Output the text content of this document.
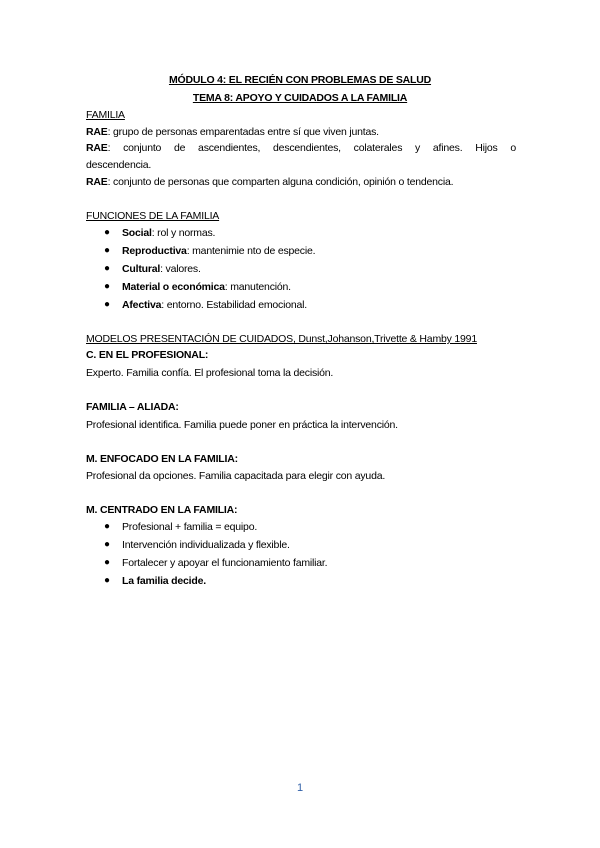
MÓDULO 4: EL RECIÉN CON PROBLEMAS DE SALUD
TEMA 8: APOYO Y CUIDADOS A LA FAMILIA
FAMILIA
RAE: grupo de personas emparentadas entre sí que viven juntas.
RAE: conjunto de ascendientes, descendientes, colaterales y afines. Hijos o
descendencia.
RAE: conjunto de personas que comparten alguna condición, opinión o tendencia.
FUNCIONES DE LA FAMILIA
● Social: rol y normas.
● Reproductiva: mantenimie nto de especie.
● Cultural: valores.
● Material o económica: manutención.
● Afectiva: entorno. Estabilidad emocional.
MODELOS PRESENTACIÓN DE CUIDADOS, Dunst,Johanson,Trivette & Hamby 1991
C. EN EL PROFESIONAL:
Experto. Familia confía. El profesional toma la decisión.
FAMILIA – ALIADA:
Profesional identifica. Familia puede poner en práctica la intervención.
M. ENFOCADO EN LA FAMILIA:
Profesional da opciones. Familia capacitada para elegir con ayuda.
M. CENTRADO EN LA FAMILIA:
● Profesional + familia = equipo.
● Intervención individualizada y flexible.
● Fortalecer y apoyar el funcionamiento familiar.
● La familia decide.
1
